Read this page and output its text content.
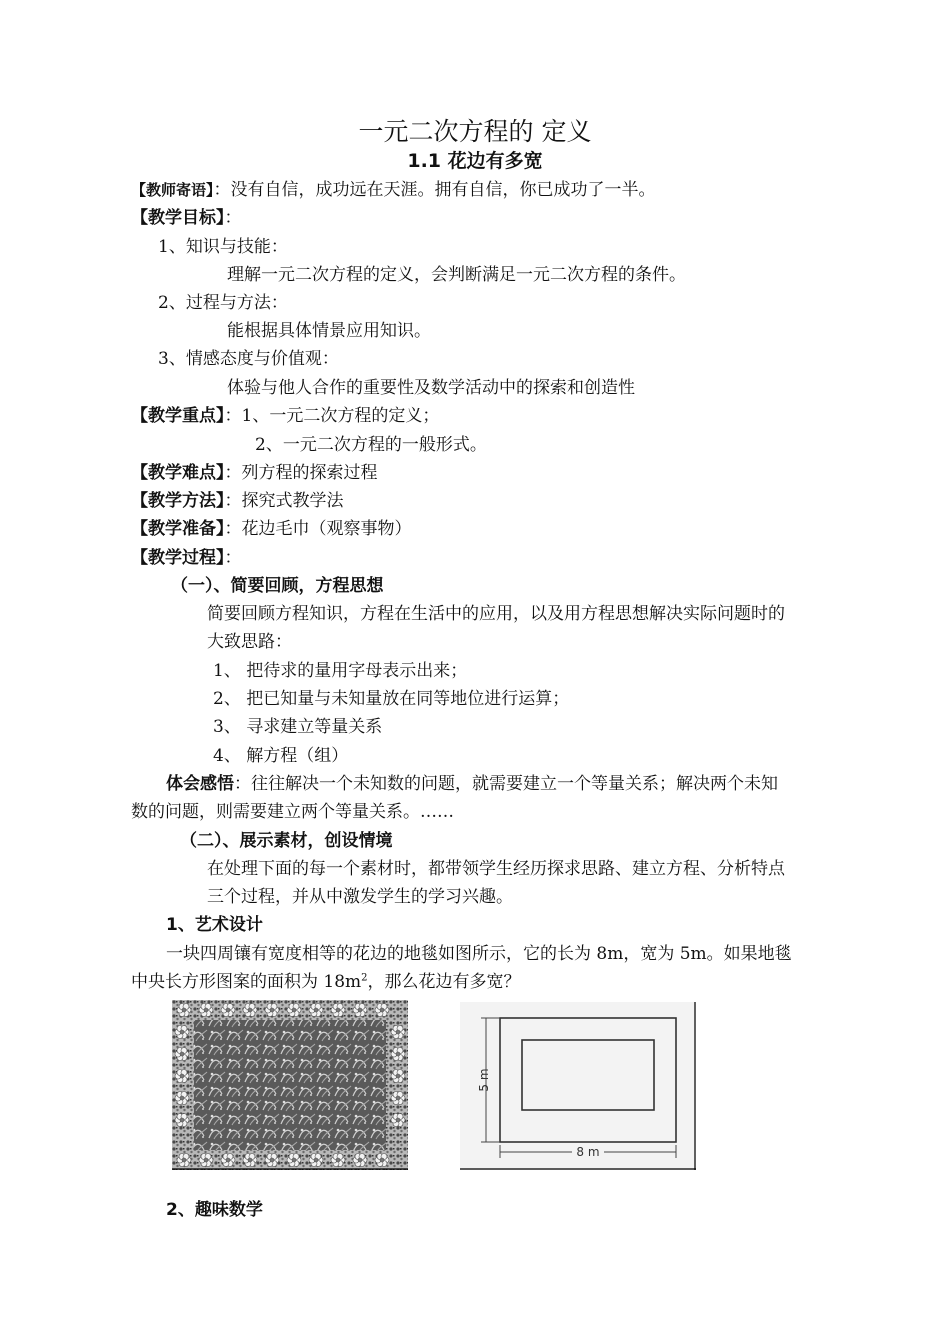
一元二次方程的 定义
1.1 花边有多宽
【教师寄语】：没有自信，成功远在天涯。拥有自信，你已成功了一半。
【教学目标】：
1、知识与技能：
理解一元二次方程的定义，会判断满足一元二次方程的条件。
2、过程与方法：
能根据具体情景应用知识。
3、情感态度与价值观：
体验与他人合作的重要性及数学活动中的探索和创造性
【教学重点】：1、一元二次方程的定义；
2、一元二次方程的一般形式。
【教学难点】：列方程的探索过程
【教学方法】：探究式教学法
【教学准备】：花边毛巾（观察事物）
【教学过程】：
（一）、简要回顾，方程思想
简要回顾方程知识，方程在生活中的应用，以及用方程思想解决实际问题时的
大致思路：
1、 把待求的量用字母表示出来；
2、 把已知量与未知量放在同等地位进行运算；
3、 寻求建立等量关系
4、 解方程（组）
体会感悟：往往解决一个未知数的问题，就需要建立一个等量关系；解决两个未知
数的问题，则需要建立两个等量关系。……
（二）、展示素材，创设情境
在处理下面的每一个素材时，都带领学生经历探求思路、建立方程、分析特点
三个过程，并从中激发学生的学习兴趣。
1、艺术设计
一块四周镶有宽度相等的花边的地毯如图所示，它的长为 8m，宽为 5m。如果地毯
中央长方形图案的面积为 $18m^2$，那么花边有多宽？
5 m
8 m
2、趣味数学
